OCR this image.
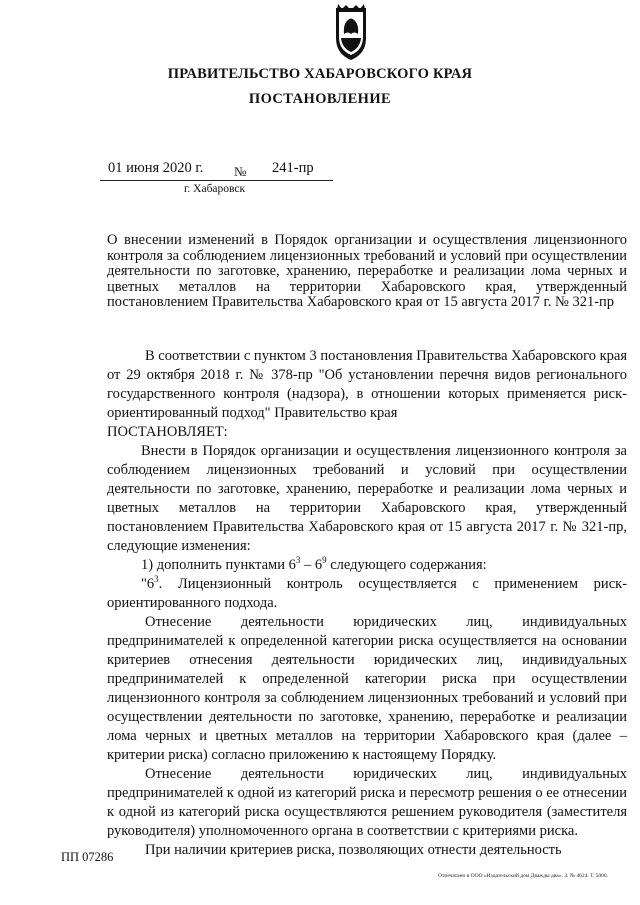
ПРАВИТЕЛЬСТВО ХАБАРОВСКОГО КРАЯ
ПОСТАНОВЛЕНИЕ
01 июня 2020 г. № 241-пр
г. Хабаровск
О внесении изменений в Порядок организации и осуществления лицензионного контроля за соблюдением лицензионных требований и условий при осуществлении деятельности по заготовке, хранению, переработке и реализации лома черных и цветных металлов на территории Хабаровского края, утвержденный постановлением Правительства Хабаровского края от 15 августа 2017 г. № 321-пр

В соответствии с пунктом 3 постановления Правительства Хабаровского края от 29 октября 2018 г. № 378-пр "Об установлении перечня видов регионального государственного контроля (надзора), в отношении которых применяется риск-ориентированный подход" Правительство края

ПОСТАНОВЛЯЕТ:

Внести в Порядок организации и осуществления лицензионного контроля за соблюдением лицензионных требований и условий при осуществлении деятельности по заготовке, хранению, переработке и реализации лома черных и цветных металлов на территории Хабаровского края, утвержденный постановлением Правительства Хабаровского края от 15 августа 2017 г. № 321-пр, следующие изменения:

1) дополнить пунктами $6^3 - 6^9$ следующего содержания:

"$6^3$. Лицензионный контроль осуществляется с применением риск-ориентированного подхода.

Отнесение деятельности юридических лиц, индивидуальных предпринимателей к определенной категории риска осуществляется на основании критериев отнесения деятельности юридических лиц, индивидуальных предпринимателей к определенной категории риска при осуществлении лицензионного контроля за соблюдением лицензионных требований и условий при осуществлении деятельности по заготовке, хранению, переработке и реализации лома черных и цветных металлов на территории Хабаровского края (далее – критерии риска) согласно приложению к настоящему Порядку.

Отнесение деятельности юридических лиц, индивидуальных предпринимателей к одной из категорий риска и пересмотр решения о ее отнесении к одной из категорий риска осуществляются решением руководителя (заместителя руководителя) уполномоченного органа в соответствии с критериями риска.

При наличии критериев риска, позволяющих отнести деятельность

ПП 07286
Отпечатано в ООО «Издательский дом Дважды два». З. № 4624. Т. 5000.
